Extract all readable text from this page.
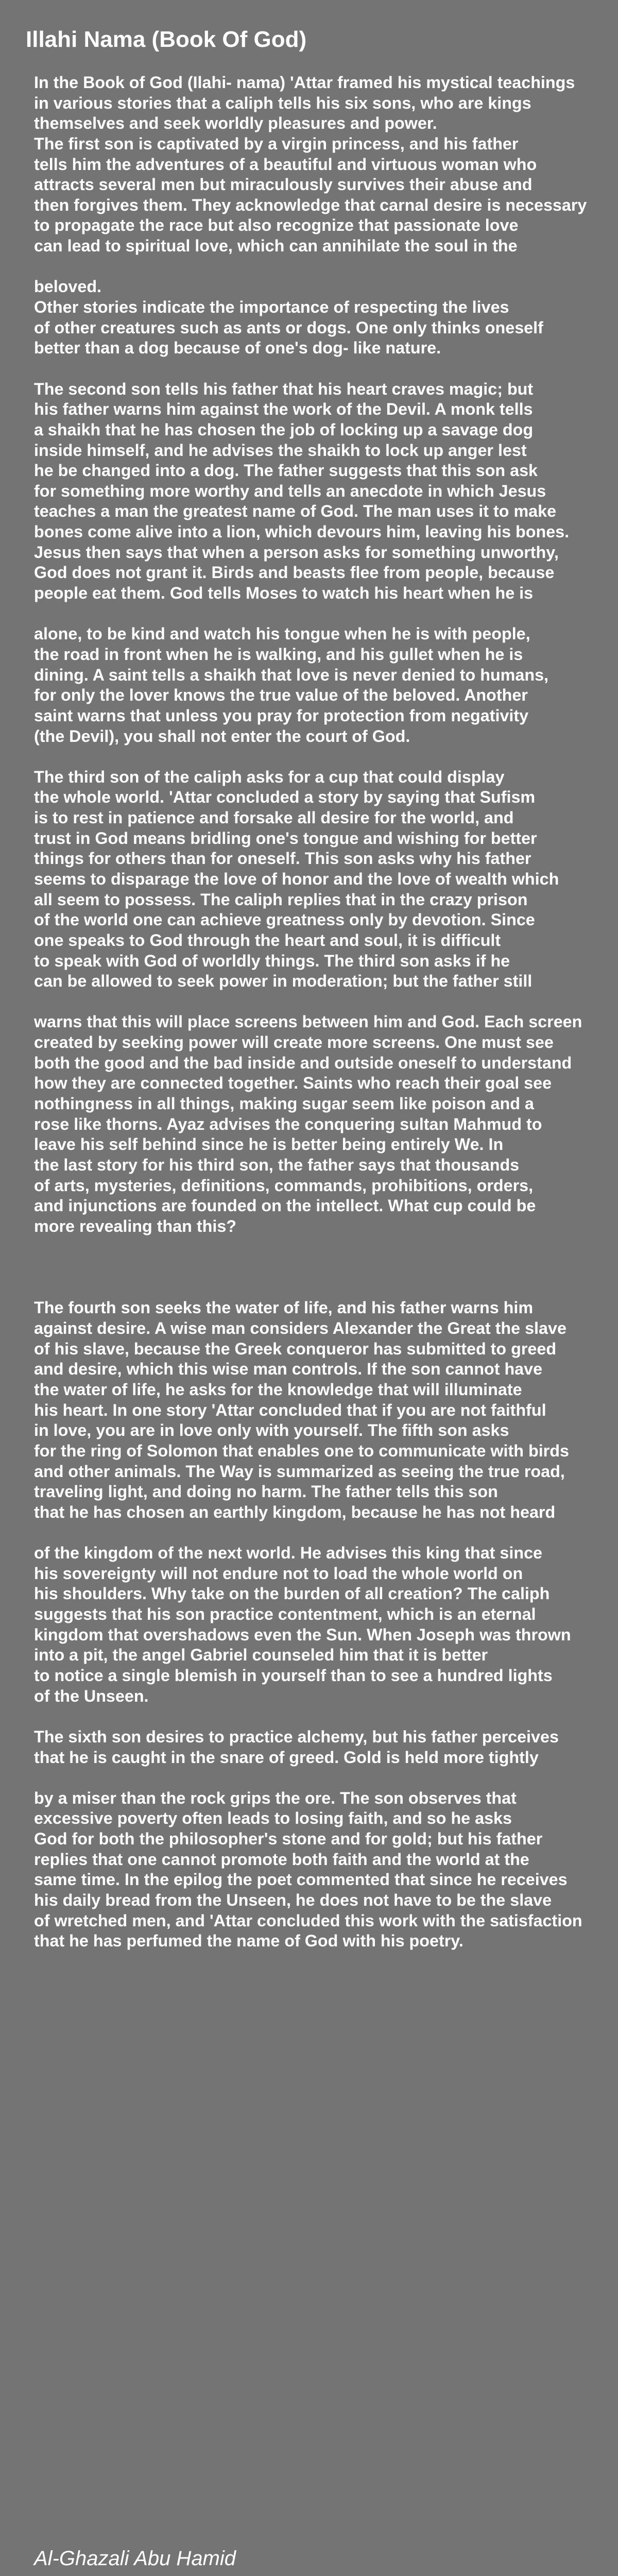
Illahi Nama (Book Of God)
In the Book of God (Ilahi- nama) 'Attar framed his mystical teachings
in various stories that a caliph tells his six sons, who are kings
themselves and seek worldly pleasures and power.
The first son is captivated by a virgin princess, and his father
tells him the adventures of a beautiful and virtuous woman who
attracts several men but miraculously survives their abuse and
then forgives them. They acknowledge that carnal desire is necessary
to propagate the race but also recognize that passionate love
can lead to spiritual love, which can annihilate the soul in the
beloved.
Other stories indicate the importance of respecting the lives
of other creatures such as ants or dogs. One only thinks oneself
better than a dog because of one's dog- like nature.
The second son tells his father that his heart craves magic; but
his father warns him against the work of the Devil. A monk tells
a shaikh that he has chosen the job of locking up a savage dog
inside himself, and he advises the shaikh to lock up anger lest
he be changed into a dog. The father suggests that this son ask
for something more worthy and tells an anecdote in which Jesus
teaches a man the greatest name of God. The man uses it to make
bones come alive into a lion, which devours him, leaving his bones.
Jesus then says that when a person asks for something unworthy,
God does not grant it. Birds and beasts flee from people, because
people eat them. God tells Moses to watch his heart when he is
alone, to be kind and watch his tongue when he is with people,
the road in front when he is walking, and his gullet when he is
dining. A saint tells a shaikh that love is never denied to humans,
for only the lover knows the true value of the beloved. Another
saint warns that unless you pray for protection from negativity
(the Devil), you shall not enter the court of God.
The third son of the caliph asks for a cup that could display
the whole world. 'Attar concluded a story by saying that Sufism
is to rest in patience and forsake all desire for the world, and
trust in God means bridling one's tongue and wishing for better
things for others than for oneself. This son asks why his father
seems to disparage the love of honor and the love of wealth which
all seem to possess. The caliph replies that in the crazy prison
of the world one can achieve greatness only by devotion. Since
one speaks to God through the heart and soul, it is difficult
to speak with God of worldly things. The third son asks if he
can be allowed to seek power in moderation; but the father still
warns that this will place screens between him and God. Each screen
created by seeking power will create more screens. One must see
both the good and the bad inside and outside oneself to understand
how they are connected together. Saints who reach their goal see
nothingness in all things, making sugar seem like poison and a
rose like thorns. Ayaz advises the conquering sultan Mahmud to
leave his self behind since he is better being entirely We. In
the last story for his third son, the father says that thousands
of arts, mysteries, definitions, commands, prohibitions, orders,
and injunctions are founded on the intellect. What cup could be
more revealing than this?
The fourth son seeks the water of life, and his father warns him
against desire. A wise man considers Alexander the Great the slave
of his slave, because the Greek conqueror has submitted to greed
and desire, which this wise man controls. If the son cannot have
the water of life, he asks for the knowledge that will illuminate
his heart. In one story 'Attar concluded that if you are not faithful
in love, you are in love only with yourself. The fifth son asks
for the ring of Solomon that enables one to communicate with birds
and other animals. The Way is summarized as seeing the true road,
traveling light, and doing no harm. The father tells this son
that he has chosen an earthly kingdom, because he has not heard
of the kingdom of the next world. He advises this king that since
his sovereignty will not endure not to load the whole world on
his shoulders. Why take on the burden of all creation? The caliph
suggests that his son practice contentment, which is an eternal
kingdom that overshadows even the Sun. When Joseph was thrown
into a pit, the angel Gabriel counseled him that it is better
to notice a single blemish in yourself than to see a hundred lights
of the Unseen.
The sixth son desires to practice alchemy, but his father perceives
that he is caught in the snare of greed. Gold is held more tightly
by a miser than the rock grips the ore. The son observes that
excessive poverty often leads to losing faith, and so he asks
God for both the philosopher's stone and for gold; but his father
replies that one cannot promote both faith and the world at the
same time. In the epilog the poet commented that since he receives
his daily bread from the Unseen, he does not have to be the slave
of wretched men, and 'Attar concluded this work with the satisfaction
that he has perfumed the name of God with his poetry.
Al-Ghazali Abu Hamid
